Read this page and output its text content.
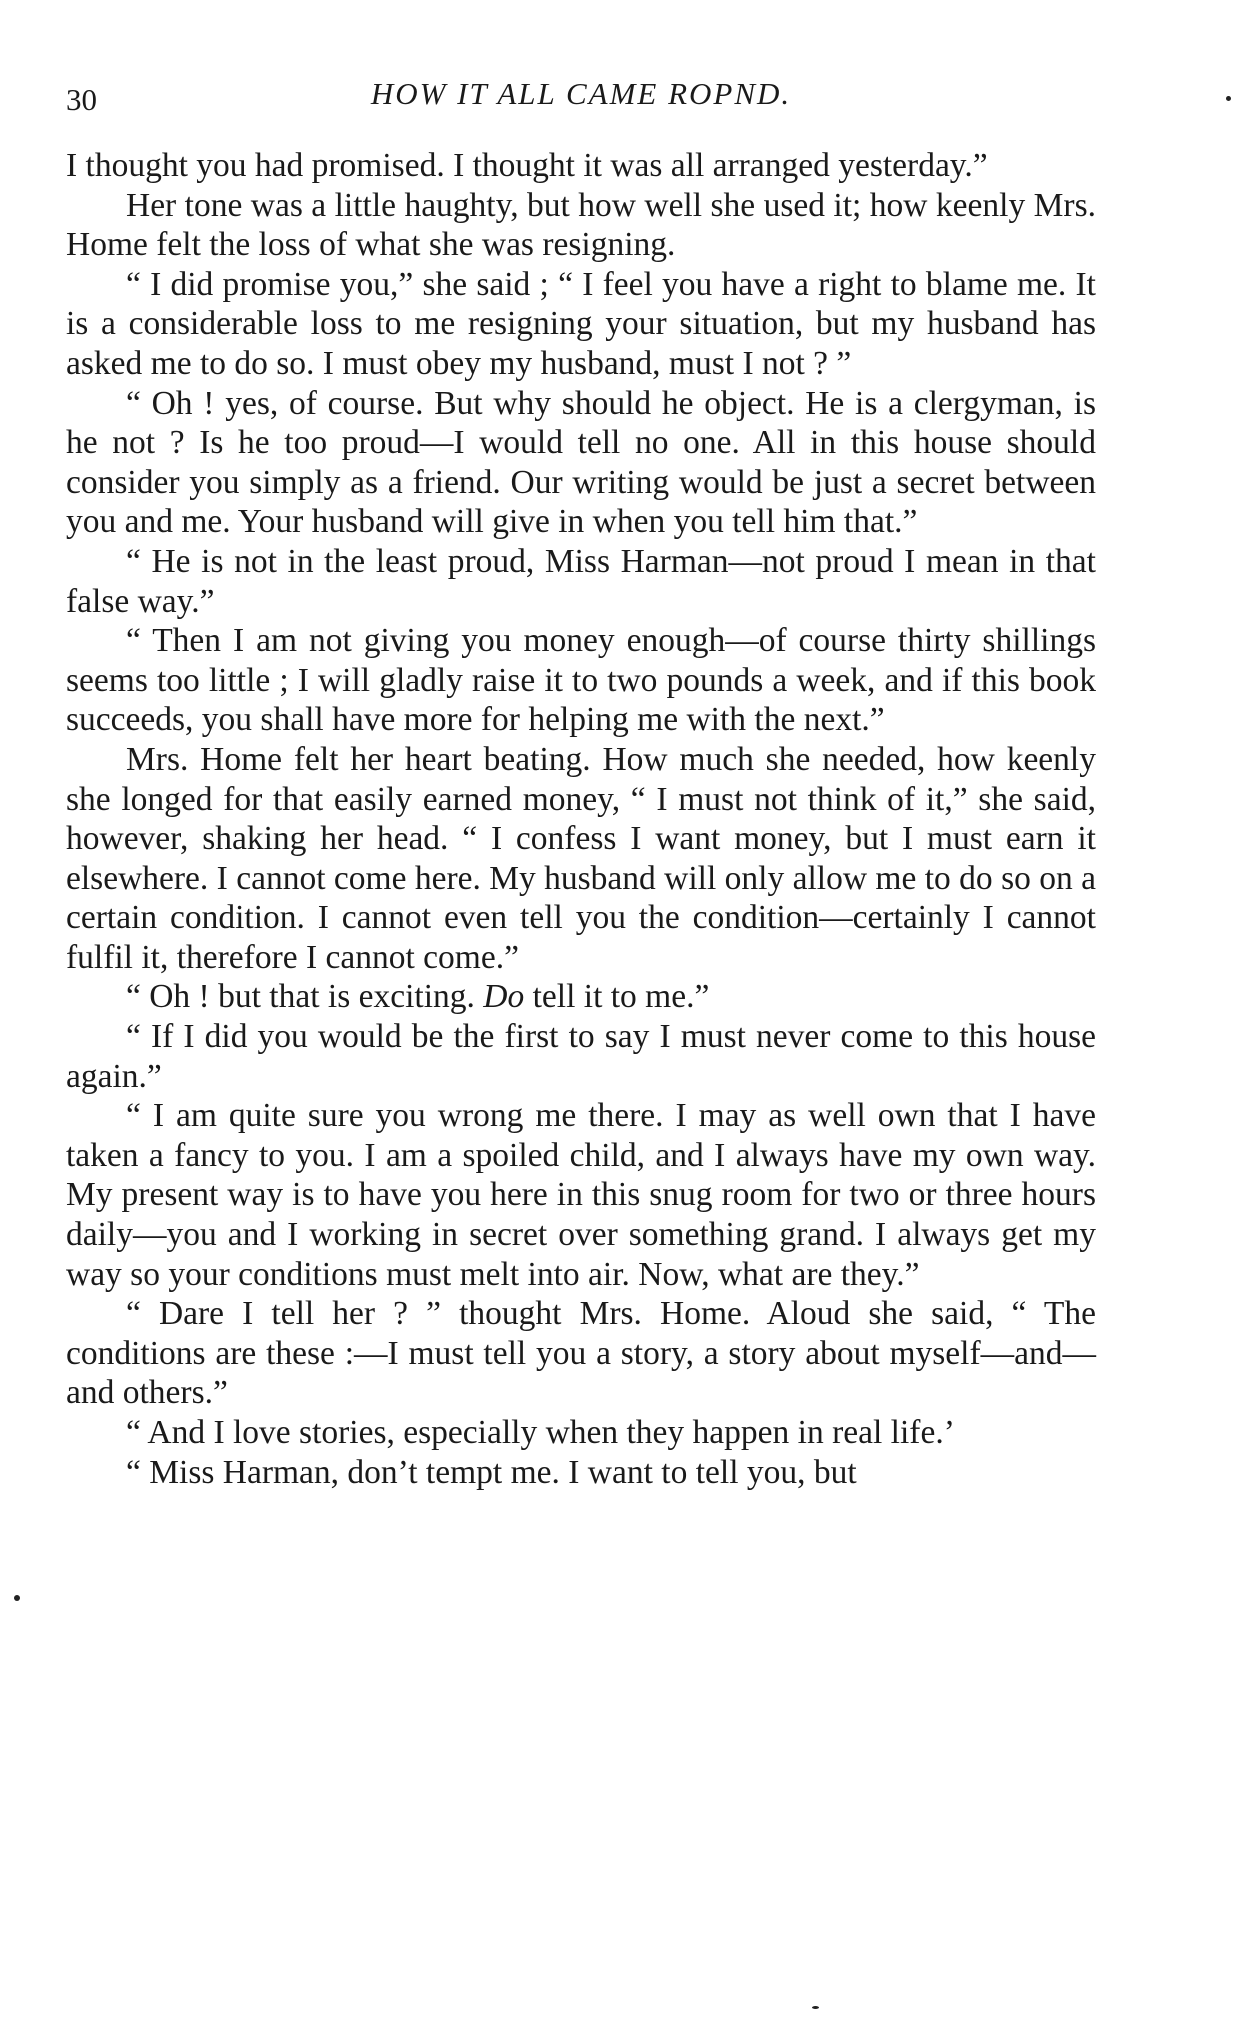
30	HOW IT ALL CAME ROPND.

I thought you had promised. I thought it was all arranged yesterday.”

Her tone was a little haughty, but how well she used it; how keenly Mrs. Home felt the loss of what she was resigning.

“ I did promise you,” she said ; “ I feel you have a right to blame me. It is a considerable loss to me resigning your situation, but my husband has asked me to do so. I must obey my husband, must I not ? ”

“ Oh ! yes, of course. But why should he object. He is a clergyman, is he not ? Is he too proud—I would tell no one. All in this house should consider you simply as a friend. Our writing would be just a secret between you and me. Your husband will give in when you tell him that.”

“ He is not in the least proud, Miss Harman—not proud I mean in that false way.”

“ Then I am not giving you money enough—of course thirty shillings seems too little ; I will gladly raise it to two pounds a week, and if this book succeeds, you shall have more for helping me with the next.”

Mrs. Home felt her heart beating. How much she needed, how keenly she longed for that easily earned money, “ I must not think of it,” she said, however, shaking her head. “ I confess I want money, but I must earn it elsewhere. I cannot come here. My husband will only allow me to do so on a certain condition. I cannot even tell you the condition—certainly I cannot fulfil it, therefore I cannot come.”

“ Oh ! but that is exciting. Do tell it to me.”

“ If I did you would be the first to say I must never come to this house again.”

“ I am quite sure you wrong me there. I may as well own that I have taken a fancy to you. I am a spoiled child, and I always have my own way. My present way is to have you here in this snug room for two or three hours daily—you and I working in secret over something grand. I always get my way so your conditions must melt into air. Now, what are they.”

“ Dare I tell her ? ” thought Mrs. Home. Aloud she said, “ The conditions are these :—I must tell you a story, a story about myself—and—and others.”

“ And I love stories, especially when they happen in real life.’

“ Miss Harman, don’t tempt me. I want to tell you, but
